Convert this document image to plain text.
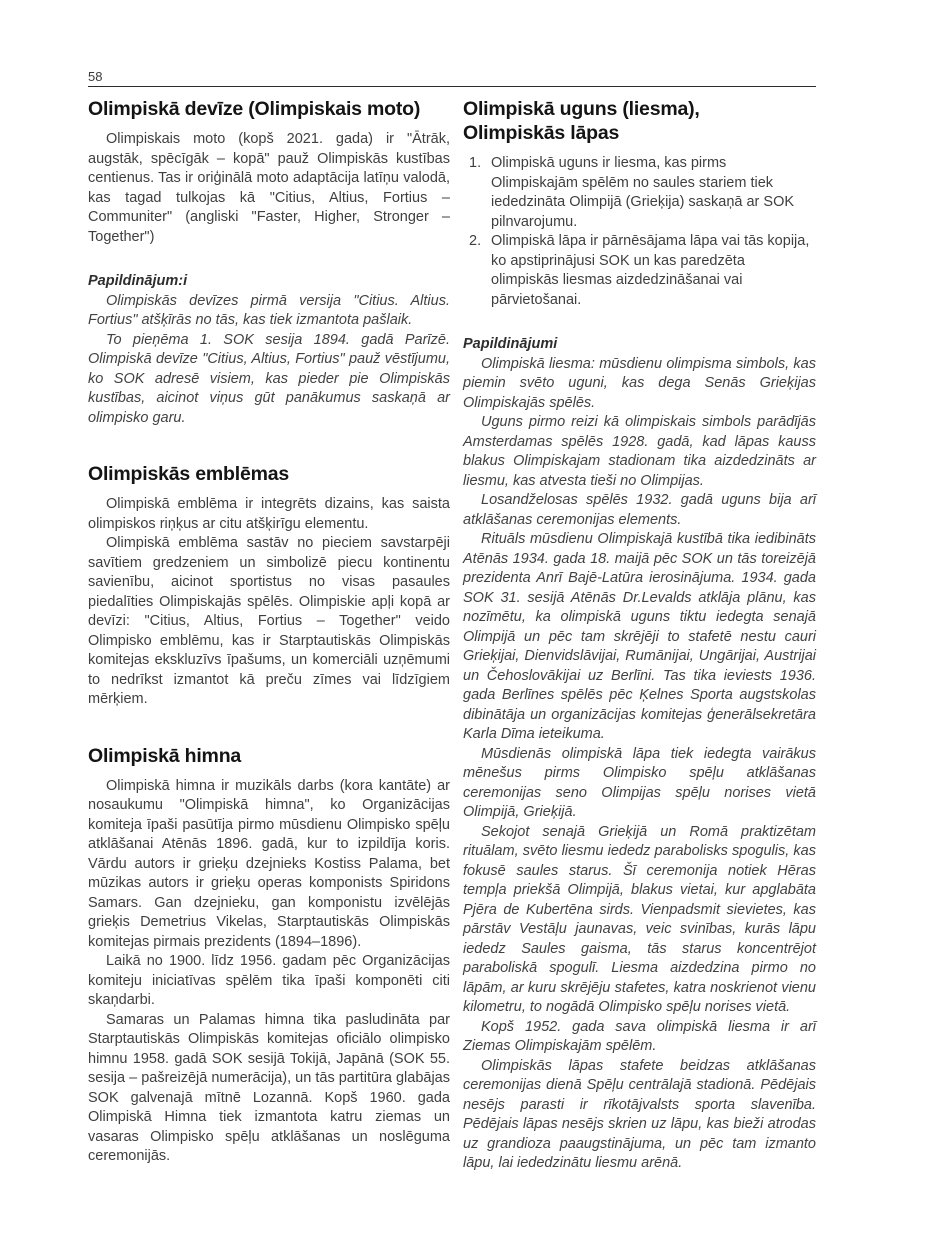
58
Olimpiskā devīze (Olimpiskais moto)

Olimpiskais moto (kopš 2021. gada) ir "Ātrāk, augstāk, spēcīgāk – kopā" pauž Olimpiskās kustības centienus. Tas ir oriģinālā moto adaptācija latīņu valodā, kas tagad tulkojas kā "Citius, Altius, Fortius – Communiter" (angliski "Faster, Higher, Stronger – Together")

Papildinājum:i

Olimpiskās devīzes pirmā versija "Citius. Altius. Fortius" atšķīrās no tās, kas tiek izmantota pašlaik.

To pieņēma 1. SOK sesija 1894. gadā Parīzē. Olimpiskā devīze "Citius, Altius, Fortius" pauž vēstījumu, ko SOK adresē visiem, kas pieder pie Olimpiskās kustības, aicinot viņus gūt panākumus saskaņā ar olimpisko garu.

Olimpiskās emblēmas

Olimpiskā emblēma ir integrēts dizains, kas saista olimpiskos riņķus ar citu atšķirīgu elementu.

Olimpiskā emblēma sastāv no pieciem savstarpēji savītiem gredzeniem un simbolizē piecu kontinentu savienību, aicinot sportistus no visas pasaules piedalīties Olimpiskajās spēlēs. Olimpiskie apļi kopā ar devīzi: "Citius, Altius, Fortius – Together" veido Olimpisko emblēmu, kas ir Starptautiskās Olimpiskās komitejas ekskluzīvs īpašums, un komerciāli uzņēmumi to nedrīkst izmantot kā preču zīmes vai līdzīgiem mērķiem.

Olimpiskā himna

Olimpiskā himna ir muzikāls darbs (kora kantāte) ar nosaukumu "Olimpiskā himna", ko Organizācijas komiteja īpaši pasūtīja pirmo mūsdienu Olimpisko spēļu atklāšanai Atēnās 1896. gadā, kur to izpildīja koris. Vārdu autors ir grieķu dzejnieks Kostiss Palama, bet mūzikas autors ir grieķu operas komponists Spiridons Samars. Gan dzejnieku, gan komponistu izvēlējās grieķis Demetrius Vikelas, Starptautiskās Olimpiskās komitejas pirmais prezidents (1894–1896).

Laikā no 1900. līdz 1956. gadam pēc Organizācijas komiteju iniciatīvas spēlēm tika īpaši komponēti citi skaņdarbi.

Samaras un Palamas himna tika pasludināta par Starptautiskās Olimpiskās komitejas oficiālo olimpisko himnu 1958. gadā SOK sesijā Tokijā, Japānā (SOK 55. sesija – pašreizējā numerācija), un tās partitūra glabājas SOK galvenajā mītnē Lozannā. Kopš 1960. gada Olimpiskā Himna tiek izmantota katru ziemas un vasaras Olimpisko spēļu atklāšanas un noslēguma ceremonijās.

Olimpiskā uguns (liesma),
Olimpiskās lāpas
1. Olimpiskā uguns ir liesma, kas pirms Olimpiskajām spēlēm no saules stariem tiek iededzināta Olimpijā (Grieķija) saskaņā ar SOK pilnvarojumu.
2. Olimpiskā lāpa ir pārnēsājama lāpa vai tās kopija, ko apstiprinājusi SOK un kas paredzēta olimpiskās liesmas aizdedzināšanai vai pārvietošanai.
Papildinājumi

Olimpiskā liesma: mūsdienu olimpisma simbols, kas piemin svēto uguni, kas dega Senās Grieķijas Olimpiskajās spēlēs.

Uguns pirmo reizi kā olimpiskais simbols parādījās Amsterdamas spēlēs 1928. gadā, kad lāpas kauss blakus Olimpiskajam stadionam tika aizdedzināts ar liesmu, kas atvesta tieši no Olimpijas.

Losandželosas spēlēs 1932. gadā uguns bija arī atklāšanas ceremonijas elements.

Rituāls mūsdienu Olimpiskajā kustībā tika iedibināts Atēnās 1934. gada 18. maijā pēc SOK un tās toreizējā prezidenta Anrī Bajē-Latūra ierosinājuma. 1934. gada SOK 31. sesijā Atēnās Dr.Levalds atklāja plānu, kas nozīmētu, ka olimpiskā uguns tiktu iedegta senajā Olimpijā un pēc tam skrējēji to stafetē nestu cauri Grieķijai, Dienvidslāvijai, Rumānijai, Ungārijai, Austrijai un Čehoslovākijai uz Berlīni. Tas tika ieviests 1936. gada Berlīnes spēlēs pēc Ķelnes Sporta augstskolas dibinātāja un organizācijas komitejas ģenerālsekretāra Karla Dīma ieteikuma.

Mūsdienās olimpiskā lāpa tiek iedegta vairākus mēnešus pirms Olimpisko spēļu atklāšanas ceremonijas seno Olimpijas spēļu norises vietā Olimpijā, Grieķijā.

Sekojot senajā Grieķijā un Romā praktizētam rituālam, svēto liesmu iededz parabolisks spogulis, kas fokusē saules starus. Šī ceremonija notiek Hēras tempļa priekšā Olimpijā, blakus vietai, kur apglabāta Pjēra de Kubertēna sirds. Vienpadsmit sievietes, kas pārstāv Vestāļu jaunavas, veic svinības, kurās lāpu iededz Saules gaisma, tās starus koncentrējot paraboliskā spogulī. Liesma aizdedzina pirmo no lāpām, ar kuru skrējēju stafetes, katra noskrienot vienu kilometru, to nogādā Olimpisko spēļu norises vietā.

Kopš 1952. gada sava olimpiskā liesma ir arī Ziemas Olimpiskajām spēlēm.

Olimpiskās lāpas stafete beidzas atklāšanas ceremonijas dienā Spēļu centrālajā stadionā. Pēdējais nesējs parasti ir rīkotājvalsts sporta slavenība. Pēdējais lāpas nesējs skrien uz lāpu, kas bieži atrodas uz grandioza paaugstinājuma, un pēc tam izmanto lāpu, lai iededzinātu liesmu arēnā.
